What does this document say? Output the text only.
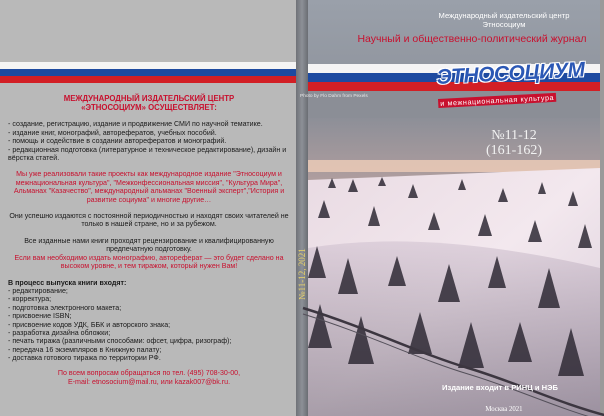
МЕЖДУНАРОДНЫЙ ИЗДАТЕЛЬСКИЙ ЦЕНТР
«ЭТНОСОЦИУМ» ОСУЩЕСТВЛЯЕТ:

- создание, регистрацию, издание и продвижение СМИ по научной тематике.

- издание книг, монографий, авторефератов, учебных пособий.

- помощь и содействие в создании авторефератов и монографий.

- редакционная подготовка (литературное и техническое редактирование), дизайн и вёрстка статей.

Мы уже реализовали такие проекты как международное издание "Этносоциум и межнациональная культура", "Межконфессиональная миссия", "Культура Мира", Альманах "Казачество", международный альманах "Военный эксперт","История и развитие социума" и многие другие…

Они успешно издаются с постоянной периодичностью и находят своих читателей не только в нашей стране, но и за рубежом.

Все изданные нами книги проходят рецензирование и квалифицированную предпечатную подготовку.

Если вам необходимо издать монографию, автореферат — это будет сделано на высоком уровне, и тем тиражом, который нужен Вам!

В процесс выпуска книги входят:

- редактирование;

- корректура;

- подготовка электронного макета;

- присвоение ISBN;

- присвоение кодов УДК, ББК и авторского знака;

- разработка дизайна обложки;

- печать тиража (различными способами: офсет, цифра, ризограф);

- передача 16 экземпляров в Книжную палату;

- доставка готового тиража по территории РФ.

По всем вопросам обращаться по тел. (495) 708-30-00,

E-mail: etnosocium@mail.ru, или kazak007@bk.ru.

№11-12, 2021
Международный издательский центр
Этносоциум
Научный и общественно-политический журнал
Photo by Flo Dahm from Pexels
ЭТНОСОЦИУМ
и межнациональная культура
№11-12
(161-162)
Издание входит в РИНЦ и НЭБ
Москва 2021
